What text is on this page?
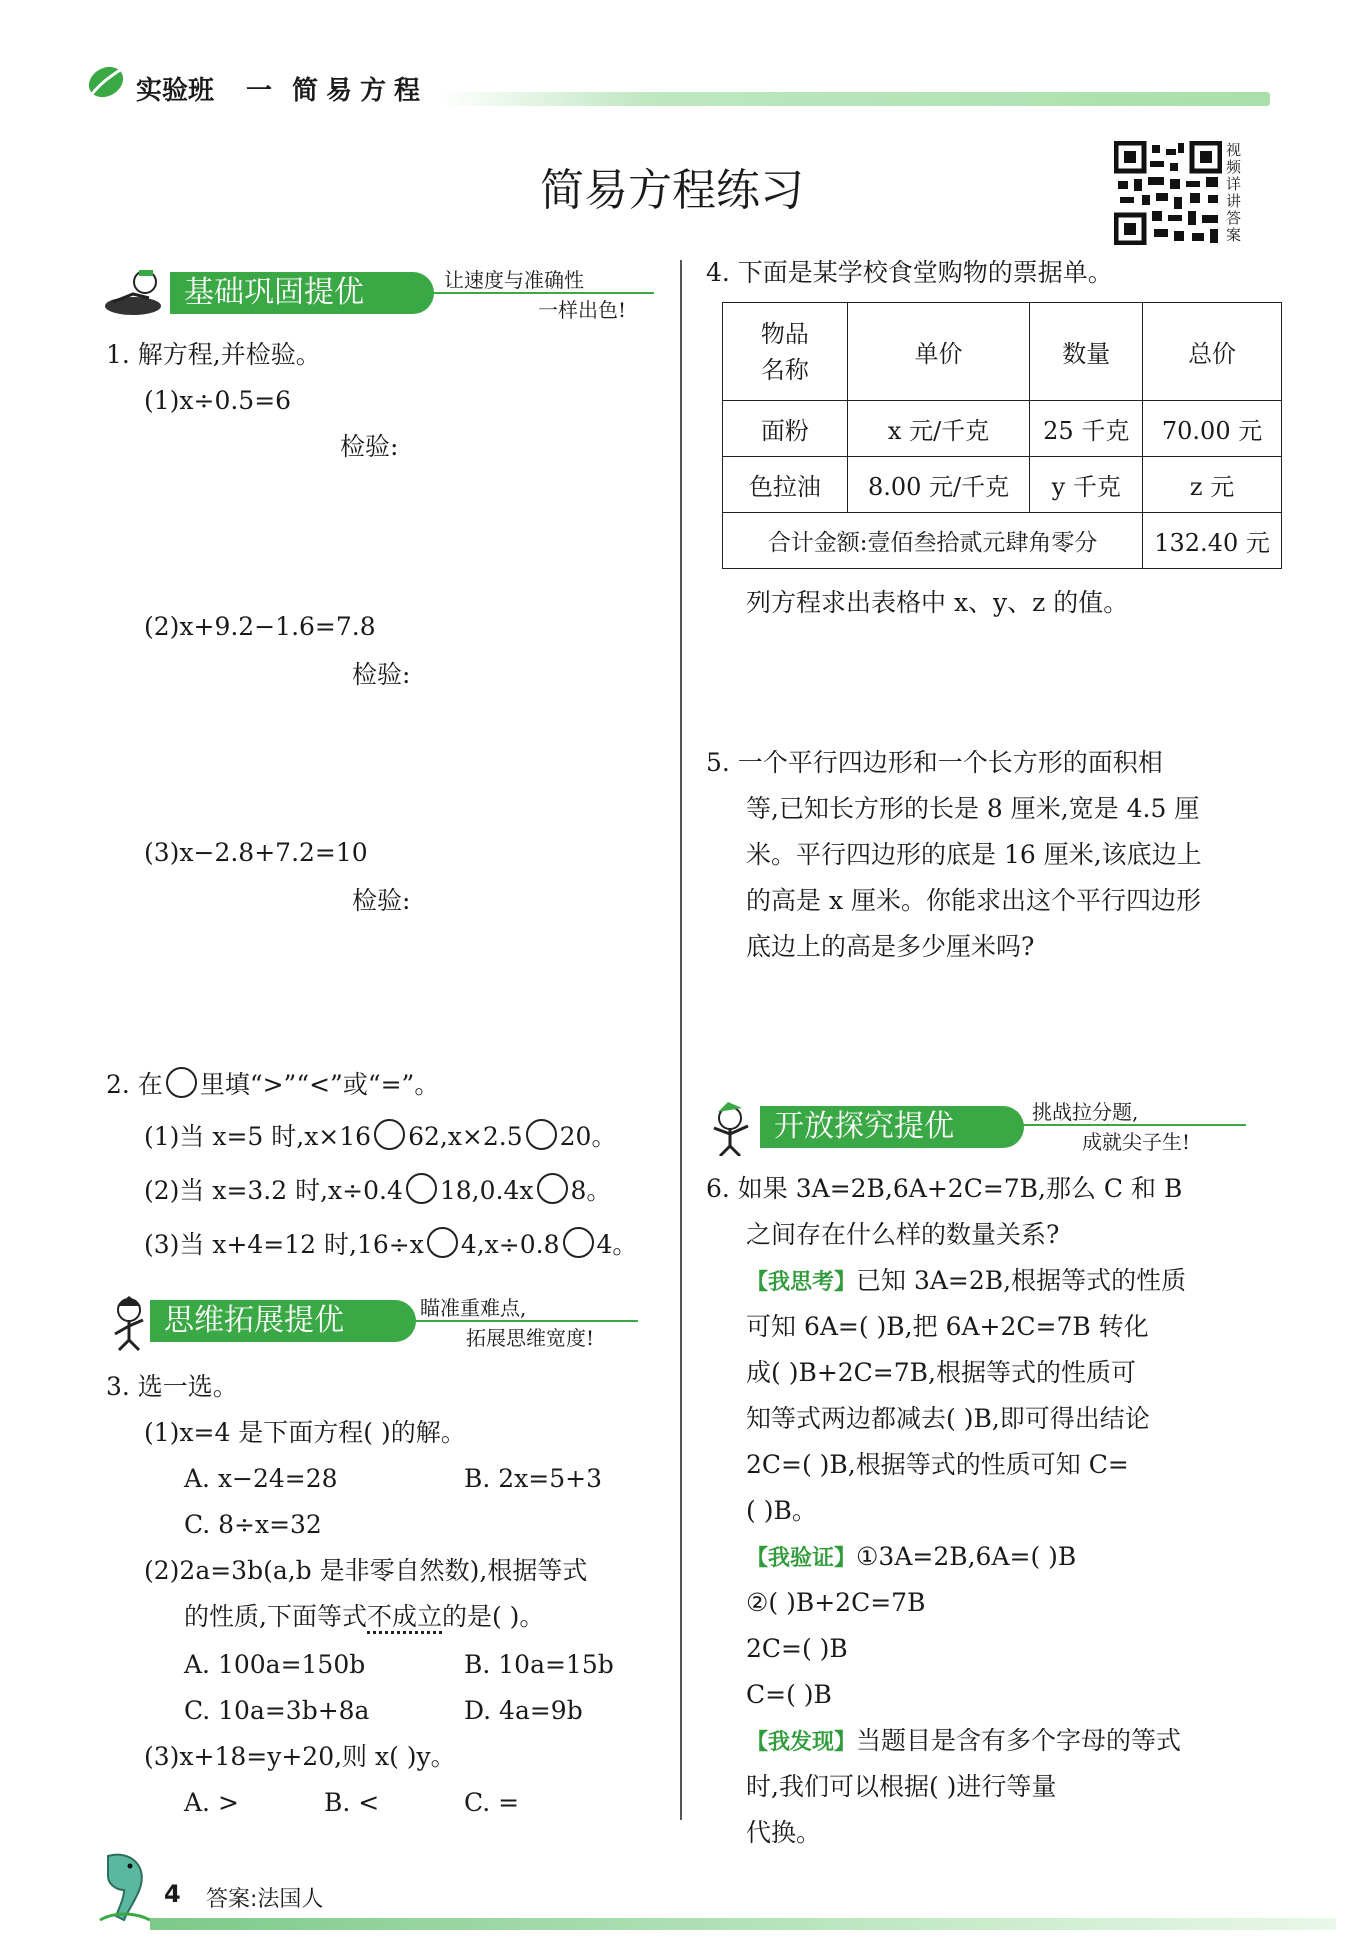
实验班 一 简易方程
简易方程练习
视频详讲答案
基础巩固提优	让速度与准确性
一样出色!
1. 解方程,并检验。
(1)x÷0.5=6
检验:
(2)x+9.2−1.6=7.8
检验:
(3)x−2.8+7.2=10
检验:
2. 在 里填“>”“<”或“=”。
(1)当 x=5 时,x×16 62,x×2.5 20。
(2)当 x=3.2 时,x÷0.4 18,0.4x 8。
(3)当 x+4=12 时,16÷x 4,x÷0.8 4。
思维拓展提优	瞄准重难点,
拓展思维宽度!
3. 选一选。
(1)x=4 是下面方程( )的解。
A. x−24=28	B. 2x=5+3
C. 8÷x=32
(2)2a=3b(a,b 是非零自然数),根据等式
的性质,下面等式不成立的是( )。
A. 100a=150b	B. 10a=15b
C. 10a=3b+8a	D. 4a=9b
(3)x+18=y+20,则 x( )y。
A. >	B. <	C. =
4. 下面是某学校食堂购物的票据单。
物品
名称	单价	数量	总价
面粉	x 元/千克	25 千克	70.00 元
色拉油	8.00 元/千克	y 千克	z 元
合计金额:壹佰叁拾贰元肆角零分			132.40 元
列方程求出表格中 x、y、z 的值。
5. 一个平行四边形和一个长方形的面积相
等,已知长方形的长是 8 厘米,宽是 4.5 厘
米。平行四边形的底是 16 厘米,该底边上
的高是 x 厘米。你能求出这个平行四边形
底边上的高是多少厘米吗?
开放探究提优	挑战拉分题,
成就尖子生!
6. 如果 3A=2B,6A+2C=7B,那么 C 和 B
之间存在什么样的数量关系?
【我思考】已知 3A=2B,根据等式的性质
可知 6A=( )B,把 6A+2C=7B 转化
成( )B+2C=7B,根据等式的性质可
知等式两边都减去( )B,即可得出结论
2C=( )B,根据等式的性质可知 C=
( )B。
【我验证】①3A=2B,6A=( )B
②( )B+2C=7B
2C=( )B
C=( )B
【我发现】当题目是含有多个字母的等式
时,我们可以根据( )进行等量
代换。
4 答案:法国人
